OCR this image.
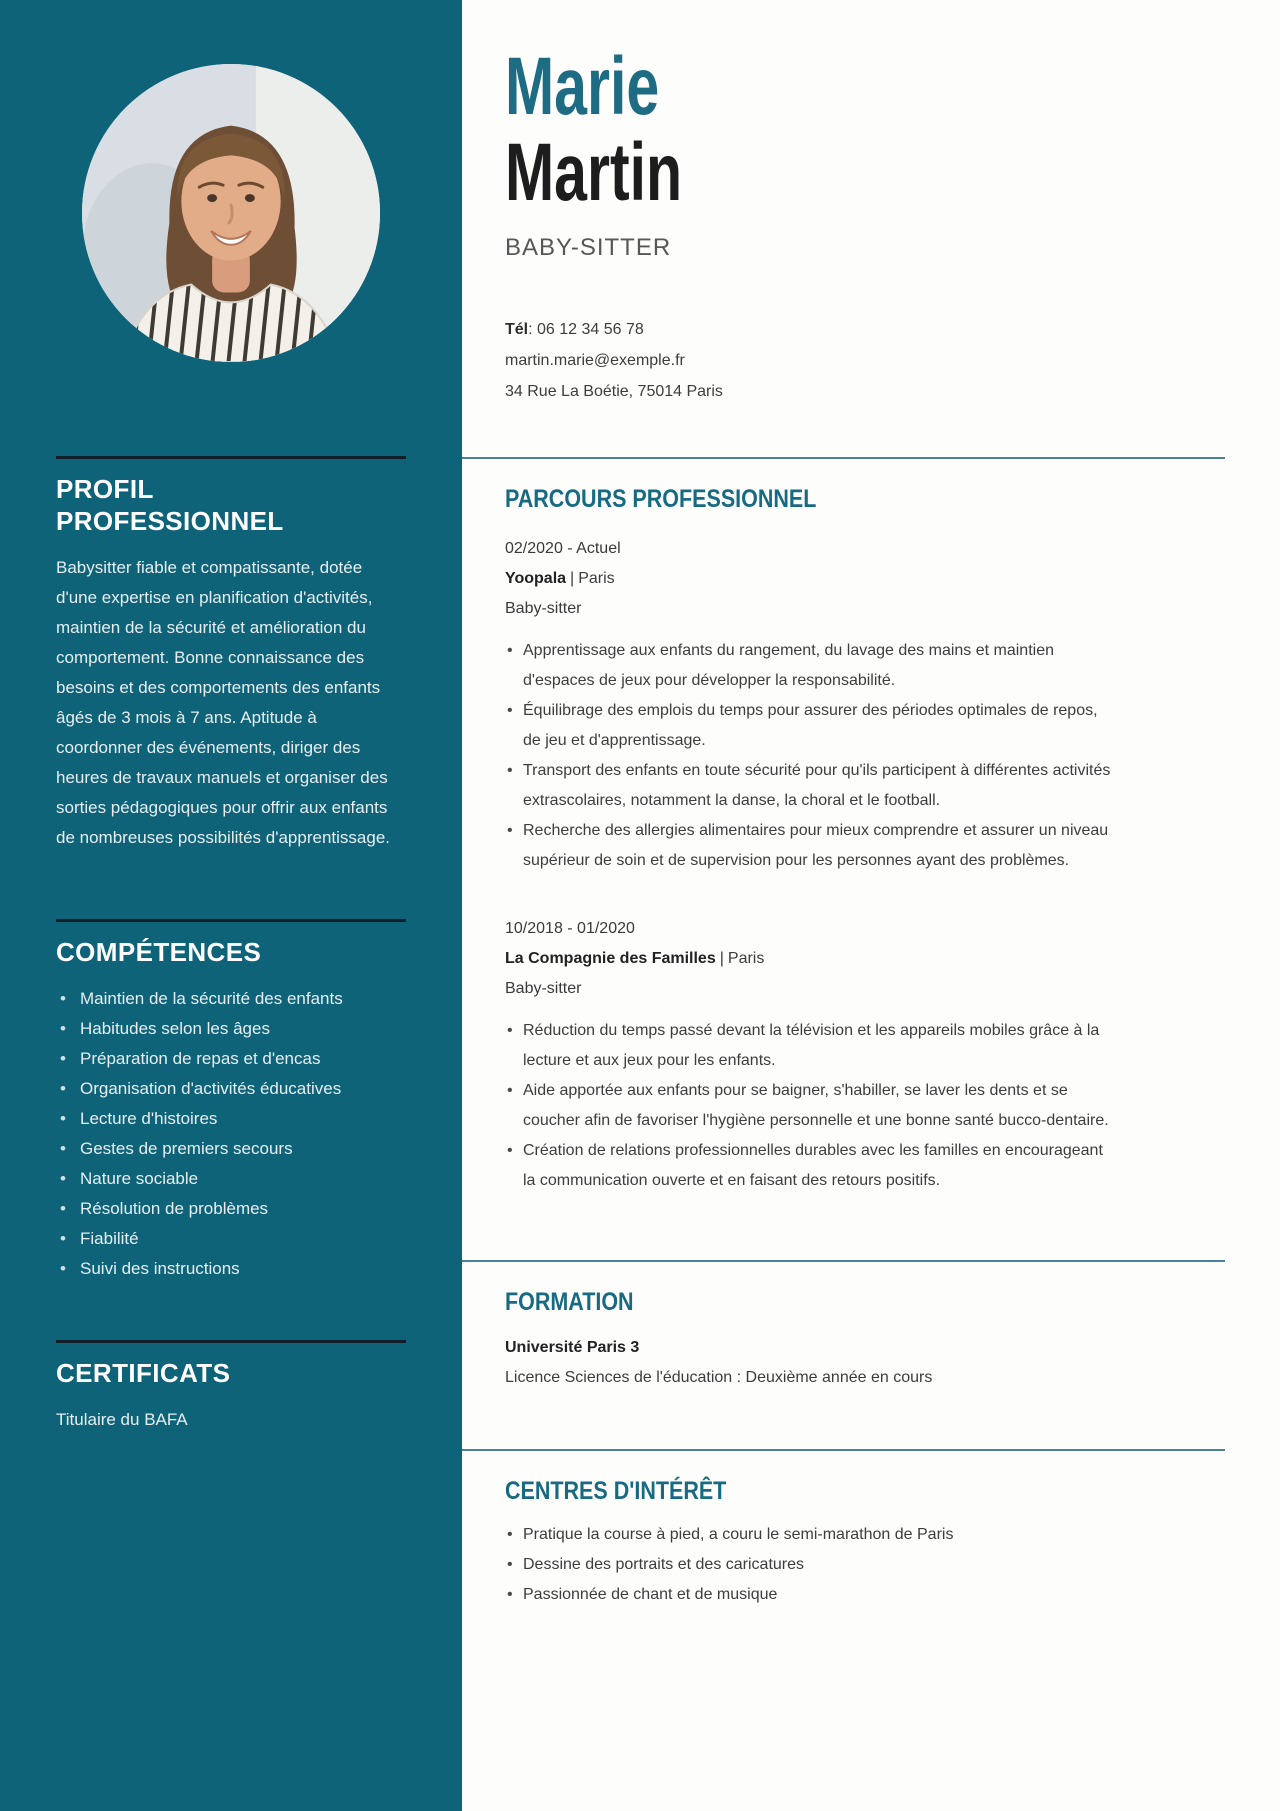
PROFIL PROFESSIONNEL

Babysitter fiable et compatissante, dotée d'une expertise en planification d'activités, maintien de la sécurité et amélioration du comportement. Bonne connaissance des besoins et des comportements des enfants âgés de 3 mois à 7 ans. Aptitude à coordonner des événements, diriger des heures de travaux manuels et organiser des sorties pédagogiques pour offrir aux enfants de nombreuses possibilités d'apprentissage.

COMPÉTENCES
• Maintien de la sécurité des enfants
• Habitudes selon les âges
• Préparation de repas et d'encas
• Organisation d'activités éducatives
• Lecture d'histoires
• Gestes de premiers secours
• Nature sociable
• Résolution de problèmes
• Fiabilité
• Suivi des instructions
CERTIFICATS

Titulaire du BAFA

Marie
Martin
BABY-SITTER
Tél: 06 12 34 56 78
martin.marie@exemple.fr
34 Rue La Boétie, 75014 Paris
PARCOURS PROFESSIONNEL
02/2020 - Actuel
Yoopala | Paris
Baby-sitter
• Apprentissage aux enfants du rangement, du lavage des mains et maintien d'espaces de jeux pour développer la responsabilité.
• Équilibrage des emplois du temps pour assurer des périodes optimales de repos, de jeu et d'apprentissage.
• Transport des enfants en toute sécurité pour qu'ils participent à différentes activités extrascolaires, notamment la danse, la choral et le football.
• Recherche des allergies alimentaires pour mieux comprendre et assurer un niveau supérieur de soin et de supervision pour les personnes ayant des problèmes.
10/2018 - 01/2020
La Compagnie des Familles | Paris
Baby-sitter
• Réduction du temps passé devant la télévision et les appareils mobiles grâce à la lecture et aux jeux pour les enfants.
• Aide apportée aux enfants pour se baigner, s'habiller, se laver les dents et se coucher afin de favoriser l'hygiène personnelle et une bonne santé bucco-dentaire.
• Création de relations professionnelles durables avec les familles en encourageant la communication ouverte et en faisant des retours positifs.
FORMATION
Université Paris 3
Licence Sciences de l'éducation : Deuxième année en cours
CENTRES D'INTÉRÊT
• Pratique la course à pied, a couru le semi-marathon de Paris
• Dessine des portraits et des caricatures
• Passionnée de chant et de musique
